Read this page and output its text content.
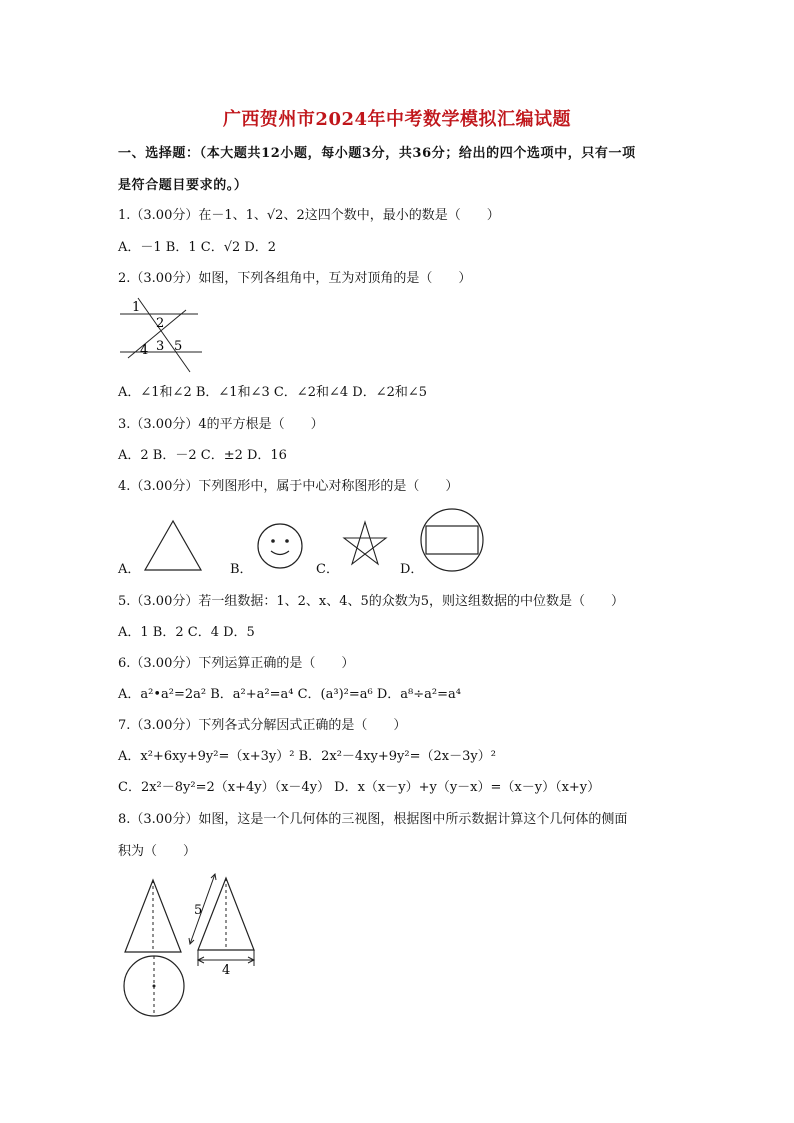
广西贺州市2024年中考数学模拟汇编试题
一、选择题：（本大题共12小题，每小题3分，共36分；给出的四个选项中，只有一项
是符合题目要求的。）
1.（3.00分）在－1、1、√2、2这四个数中，最小的数是（　　）
A．－1 B．1 C．√2 D．2
2.（3.00分）如图，下列各组角中，互为对顶角的是（　　）
1
2
4 3 5
A．∠1和∠2 B．∠1和∠3 C．∠2和∠4 D．∠2和∠5
3.（3.00分）4的平方根是（　　）
A．2 B．－2 C．±2 D．16
4.（3.00分）下列图形中，属于中心对称图形的是（　　）
A．	B．	C．	D．
5.（3.00分）若一组数据：1、2、x、4、5的众数为5，则这组数据的中位数是（　　）
A．1 B．2 C．4 D．5
6.（3.00分）下列运算正确的是（　　）
A．a²•a²=2a² B．a²+a²=a⁴ C．(a³)²=a⁶ D．a⁸÷a²=a⁴
7.（3.00分）下列各式分解因式正确的是（　　）
A．x²+6xy+9y²=（x+3y）² B．2x²－4xy+9y²=（2x－3y）²
C．2x²－8y²=2（x+4y）（x－4y） D．x（x－y）+y（y－x）=（x－y）（x+y）
8.（3.00分）如图，这是一个几何体的三视图，根据图中所示数据计算这个几何体的侧面
积为（　　）
5
4
